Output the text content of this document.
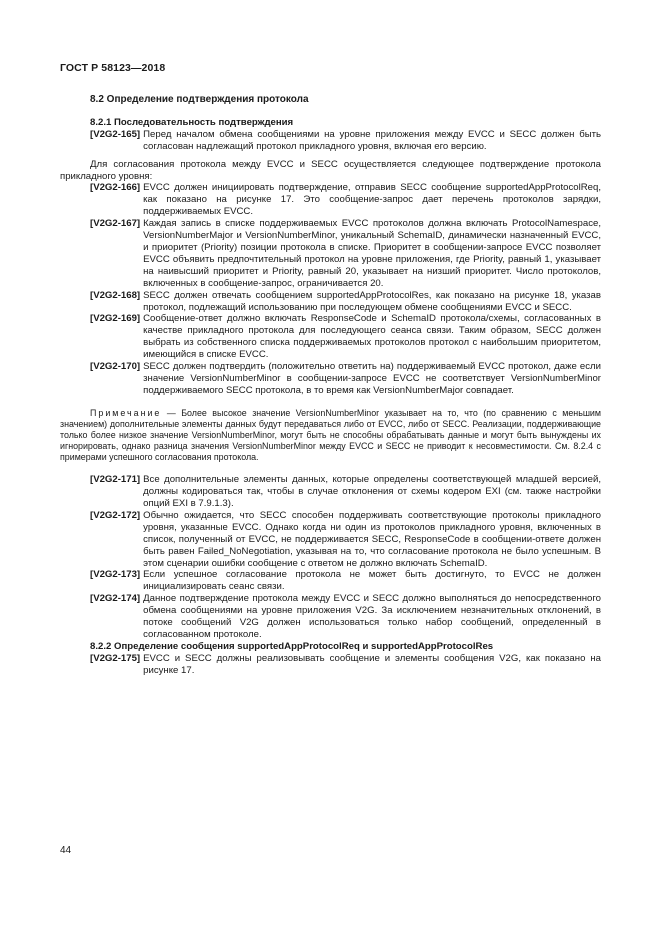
ГОСТ Р 58123—2018
8.2 Определение подтверждения протокола
8.2.1 Последовательность подтверждения
[V2G2-165] Перед началом обмена сообщениями на уровне приложения между EVCC и SECC должен быть согласован надлежащий протокол прикладного уровня, включая его версию.
Для согласования протокола между EVCC и SECC осуществляется следующее подтверждение протокола прикладного уровня:
[V2G2-166] EVCC должен инициировать подтверждение, отправив SECC сообщение supportedAppProtocolReq, как показано на рисунке 17. Это сообщение-запрос дает перечень протоколов зарядки, поддерживаемых EVCC.
[V2G2-167] Каждая запись в списке поддерживаемых EVCC протоколов должна включать ProtocolNamespace, VersionNumberMajor и VersionNumberMinor, уникальный SchemaID, динамически назначенный EVCC, и приоритет (Priority) позиции протокола в списке. Приоритет в сообщении-запросе EVCC позволяет EVCC объявить предпочтительный протокол на уровне приложения, где Priority, равный 1, указывает на наивысший приоритет и Priority, равный 20, указывает на низший приоритет. Число протоколов, включенных в сообщение-запрос, ограничивается 20.
[V2G2-168] SECC должен отвечать сообщением supportedAppProtocolRes, как показано на рисунке 18, указав протокол, подлежащий использованию при последующем обмене сообщениями EVCC и SECC.
[V2G2-169] Сообщение-ответ должно включать ResponseCode и SchemaID протокола/схемы, согласованных в качестве прикладного протокола для последующего сеанса связи. Таким образом, SECC должен выбрать из собственного списка поддерживаемых протоколов протокол с наибольшим приоритетом, имеющийся в списке EVCC.
[V2G2-170] SECC должен подтвердить (положительно ответить на) поддерживаемый EVCC протокол, даже если значение VersionNumberMinor в сообщении-запросе EVCC не соответствует VersionNumberMinor поддерживаемого SECC протокола, в то время как VersionNumberMajor совпадает.
Примечание — Более высокое значение VersionNumberMinor указывает на то, что (по сравнению с меньшим значением) дополнительные элементы данных будут передаваться либо от EVCC, либо от SECC. Реализации, поддерживающие только более низкое значение VersionNumberMinor, могут быть не способны обрабатывать данные и могут быть вынуждены их игнорировать, однако разница значения VersionNumberMinor между EVCC и SECC не приводит к несовместимости. См. 8.2.4 с примерами успешного согласования протокола.
[V2G2-171] Все дополнительные элементы данных, которые определены соответствующей младшей версией, должны кодироваться так, чтобы в случае отклонения от схемы кодером EXI (см. также настройки опций EXI в 7.9.1.3).
[V2G2-172] Обычно ожидается, что SECC способен поддерживать соответствующие протоколы прикладного уровня, указанные EVCC. Однако когда ни один из протоколов прикладного уровня, включенных в список, полученный от EVCC, не поддерживается SECC, ResponseCode в сообщении-ответе должен быть равен Failed_NoNegotiation, указывая на то, что согласование протокола не было успешным. В этом сценарии ошибки сообщение с ответом не должно включать SchemaID.
[V2G2-173] Если успешное согласование протокола не может быть достигнуто, то EVCC не должен инициализировать сеанс связи.
[V2G2-174] Данное подтверждение протокола между EVCC и SECC должно выполняться до непосредственного обмена сообщениями на уровне приложения V2G. За исключением незначительных отклонений, в потоке сообщений V2G должен использоваться только набор сообщений, определенный в согласованном протоколе.
8.2.2 Определение сообщения supportedAppProtocolReq и supportedAppProtocolRes
[V2G2-175] EVCC и SECC должны реализовывать сообщение и элементы сообщения V2G, как показано на рисунке 17.
44
